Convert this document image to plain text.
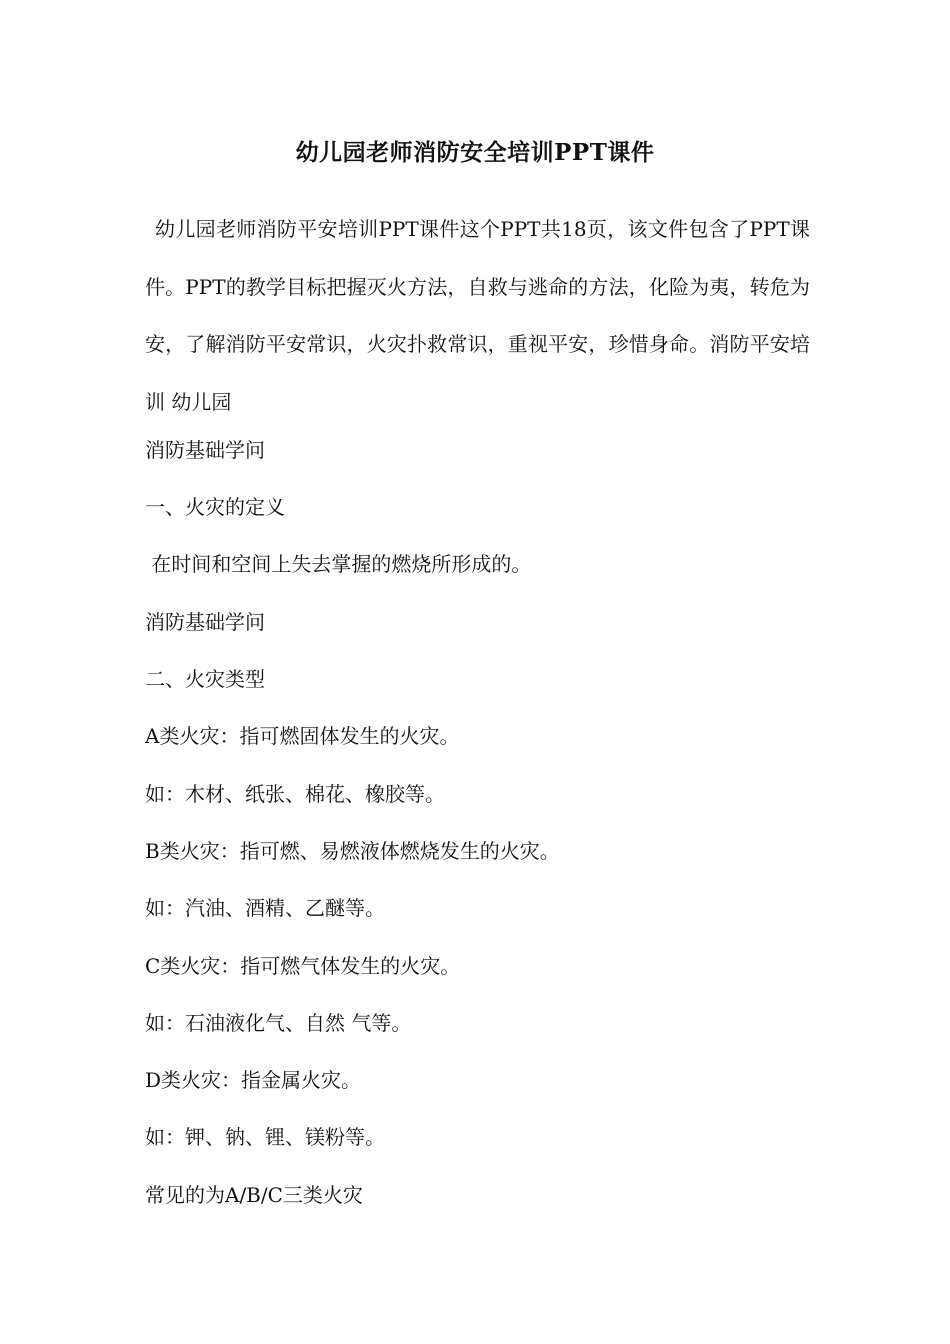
幼儿园老师消防安全培训PPT课件

幼儿园老师消防平安培训PPT课件这个PPT共18页，该文件包含了PPT课件。PPT的教学目标把握灭火方法，自救与逃命的方法，化险为夷，转危为安，了解消防平安常识，火灾扑救常识，重视平安，珍惜身命。消防平安培训 幼儿园

消防基础学问

一、火灾的定义

在时间和空间上失去掌握的燃烧所形成的。

消防基础学问

二、火灾类型

A类火灾：指可燃固体发生的火灾。

如：木材、纸张、棉花、橡胶等。

B类火灾：指可燃、易燃液体燃烧发生的火灾。

如：汽油、酒精、乙醚等。

C类火灾：指可燃气体发生的火灾。

如：石油液化气、自然 气等。

D类火灾：指金属火灾。

如：钾、钠、锂、镁粉等。

常见的为A/B/C三类火灾
